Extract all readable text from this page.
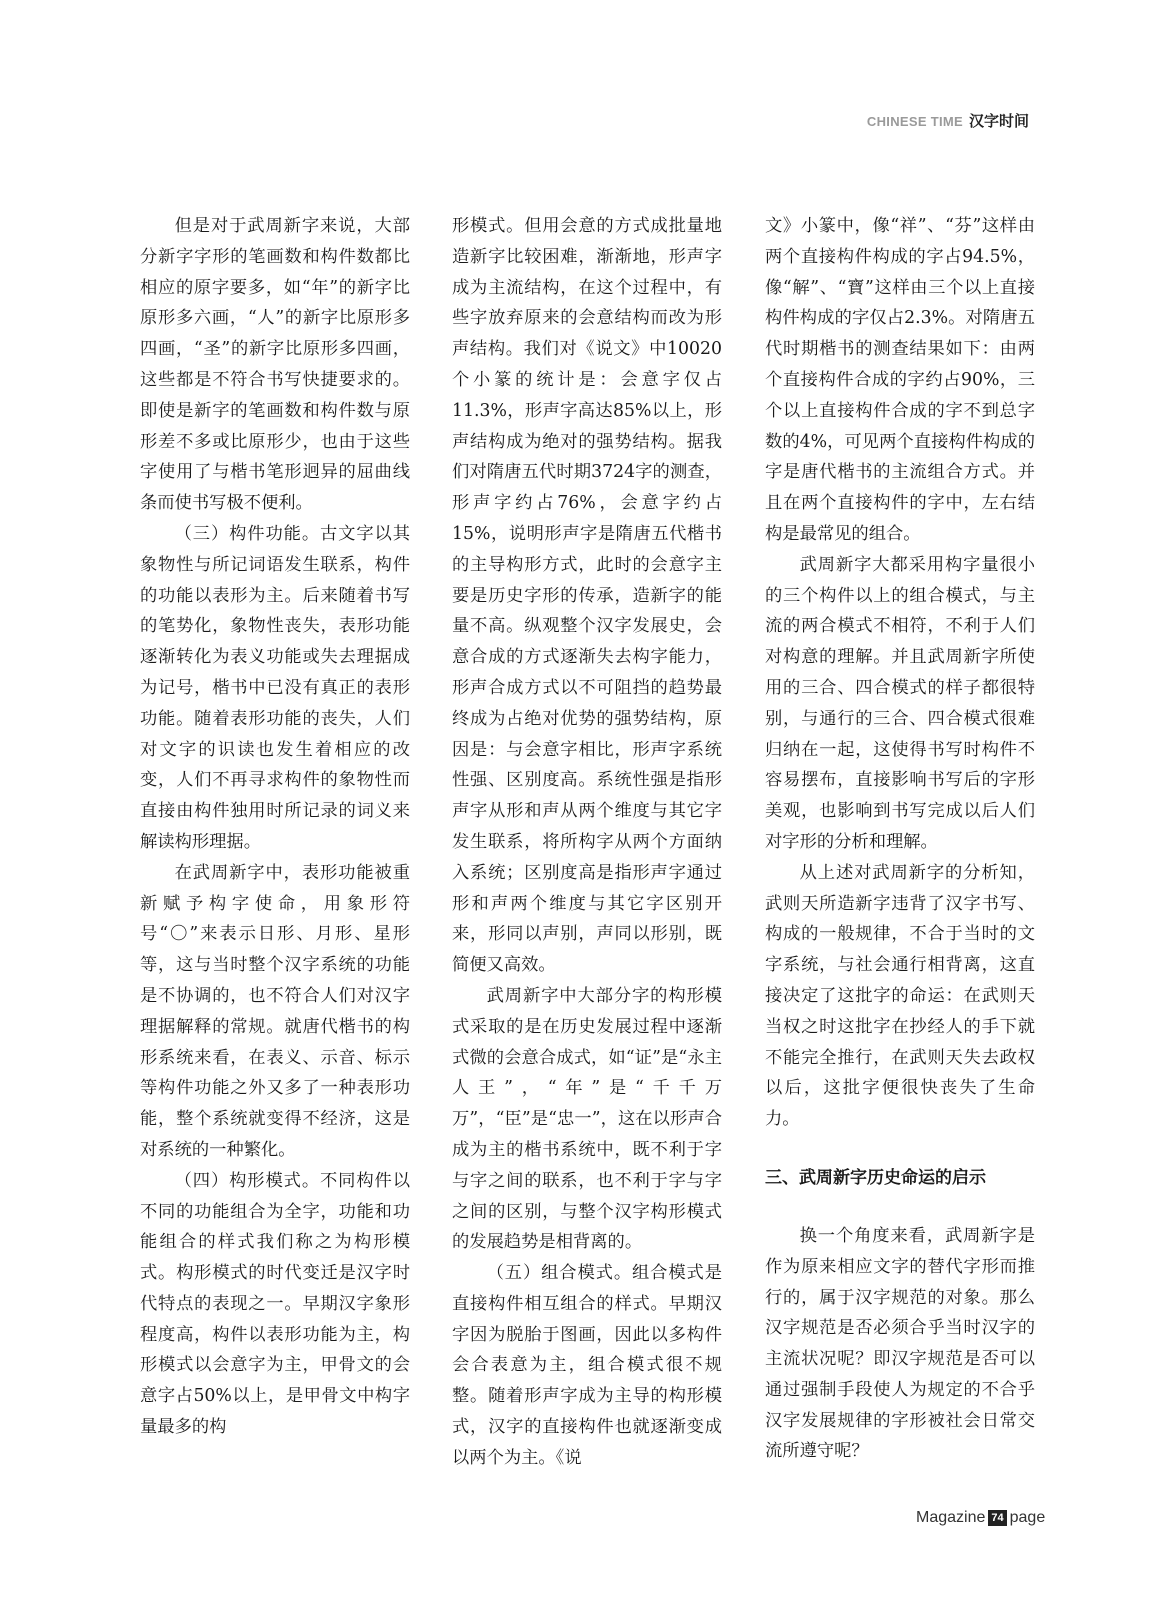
CHINESE TIME 汉字时间

但是对于武周新字来说，大部分新字字形的笔画数和构件数都比相应的原字要多，如“年”的新字比原形多六画，“人”的新字比原形多四画，“圣”的新字比原形多四画，这些都是不符合书写快捷要求的。即使是新字的笔画数和构件数与原形差不多或比原形少，也由于这些字使用了与楷书笔形迥异的屈曲线条而使书写极不便利。

（三）构件功能。古文字以其象物性与所记词语发生联系，构件的功能以表形为主。后来随着书写的笔势化，象物性丧失，表形功能逐渐转化为表义功能或失去理据成为记号，楷书中已没有真正的表形功能。随着表形功能的丧失，人们对文字的识读也发生着相应的改变，人们不再寻求构件的象物性而直接由构件独用时所记录的词义来解读构形理据。

在武周新字中，表形功能被重新赋予构字使命，用象形符号“〇”来表示日形、月形、星形等，这与当时整个汉字系统的功能是不协调的，也不符合人们对汉字理据解释的常规。就唐代楷书的构形系统来看，在表义、示音、标示等构件功能之外又多了一种表形功能，整个系统就变得不经济，这是对系统的一种繁化。

（四）构形模式。不同构件以不同的功能组合为全字，功能和功能组合的样式我们称之为构形模式。构形模式的时代变迁是汉字时代特点的表现之一。早期汉字象形程度高，构件以表形功能为主，构形模式以会意字为主，甲骨文的会意字占50%以上，是甲骨文中构字量最多的构

形模式。但用会意的方式成批量地造新字比较困难，渐渐地，形声字成为主流结构，在这个过程中，有些字放弃原来的会意结构而改为形声结构。我们对《说文》中10020个小篆的统计是：会意字仅占11.3%，形声字高达85%以上，形声结构成为绝对的强势结构。据我们对隋唐五代时期3724字的测查，形声字约占76%，会意字约占15%，说明形声字是隋唐五代楷书的主导构形方式，此时的会意字主要是历史字形的传承，造新字的能量不高。纵观整个汉字发展史，会意合成的方式逐渐失去构字能力，形声合成方式以不可阻挡的趋势最终成为占绝对优势的强势结构，原因是：与会意字相比，形声字系统性强、区别度高。系统性强是指形声字从形和声从两个维度与其它字发生联系，将所构字从两个方面纳入系统；区别度高是指形声字通过形和声两个维度与其它字区别开来，形同以声别，声同以形别，既简便又高效。

武周新字中大部分字的构形模式采取的是在历史发展过程中逐渐式微的会意合成式，如“证”是“永主人王”，“年”是“千千万万”，“臣”是“忠一”，这在以形声合成为主的楷书系统中，既不利于字与字之间的联系，也不利于字与字之间的区别，与整个汉字构形模式的发展趋势是相背离的。

（五）组合模式。组合模式是直接构件相互组合的样式。早期汉字因为脱胎于图画，因此以多构件会合表意为主，组合模式很不规整。随着形声字成为主导的构形模式，汉字的直接构件也就逐渐变成以两个为主。《说

文》小篆中，像“祥”、“芬”这样由两个直接构件构成的字占94.5%，像“解”、“寶”这样由三个以上直接构件构成的字仅占2.3%。对隋唐五代时期楷书的测查结果如下：由两个直接构件合成的字约占90%，三个以上直接构件合成的字不到总字数的4%，可见两个直接构件构成的字是唐代楷书的主流组合方式。并且在两个直接构件的字中，左右结构是最常见的组合。

武周新字大都采用构字量很小的三个构件以上的组合模式，与主流的两合模式不相符，不利于人们对构意的理解。并且武周新字所使用的三合、四合模式的样子都很特别，与通行的三合、四合模式很难归纳在一起，这使得书写时构件不容易摆布，直接影响书写后的字形美观，也影响到书写完成以后人们对字形的分析和理解。

从上述对武周新字的分析知，武则天所造新字违背了汉字书写、构成的一般规律，不合于当时的文字系统，与社会通行相背离，这直接决定了这批字的命运：在武则天当权之时这批字在抄经人的手下就不能完全推行，在武则天失去政权以后，这批字便很快丧失了生命力。

三、武周新字历史命运的启示

换一个角度来看，武周新字是作为原来相应文字的替代字形而推行的，属于汉字规范的对象。那么汉字规范是否必须合乎当时汉字的主流状况呢？即汉字规范是否可以通过强制手段使人为规定的不合乎汉字发展规律的字形被社会日常交流所遵守呢？

Magazine 74 page
